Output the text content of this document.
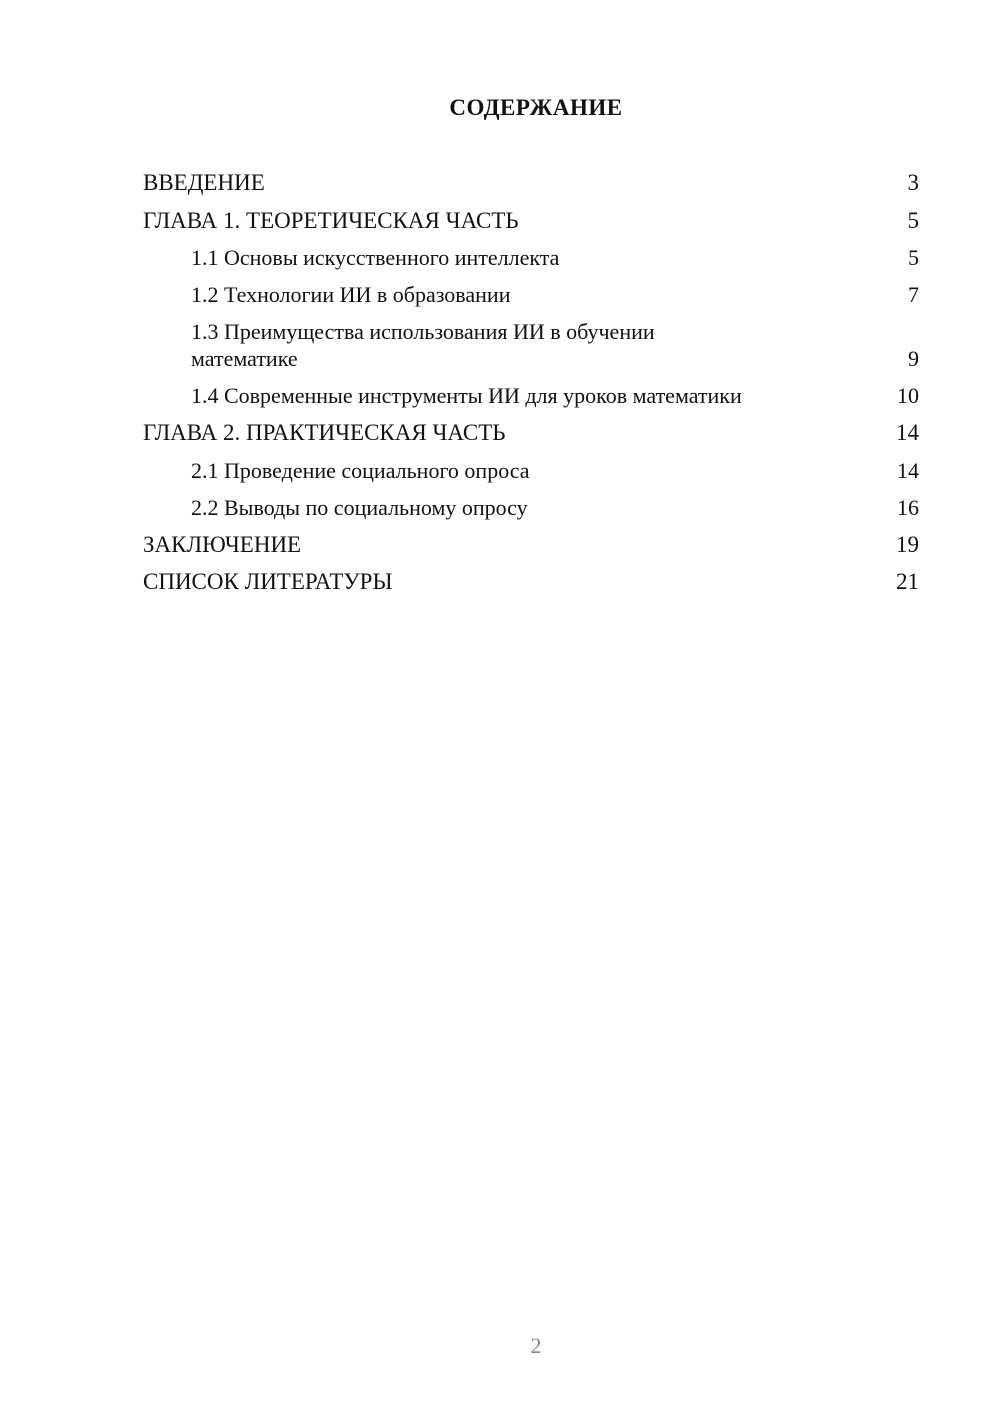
СОДЕРЖАНИЕ
ВВЕДЕНИЕ	3
ГЛАВА 1. ТЕОРЕТИЧЕСКАЯ ЧАСТЬ	5
1.1 Основы искусственного интеллекта	5
1.2 Технологии ИИ в образовании	7
1.3 Преимущества использования ИИ в обучении математике	9
1.4 Современные инструменты ИИ для уроков математики	10
ГЛАВА 2. ПРАКТИЧЕСКАЯ ЧАСТЬ	14
2.1 Проведение социального опроса	14
2.2 Выводы по социальному опросу	16
ЗАКЛЮЧЕНИЕ	19
СПИСОК ЛИТЕРАТУРЫ	21
2
